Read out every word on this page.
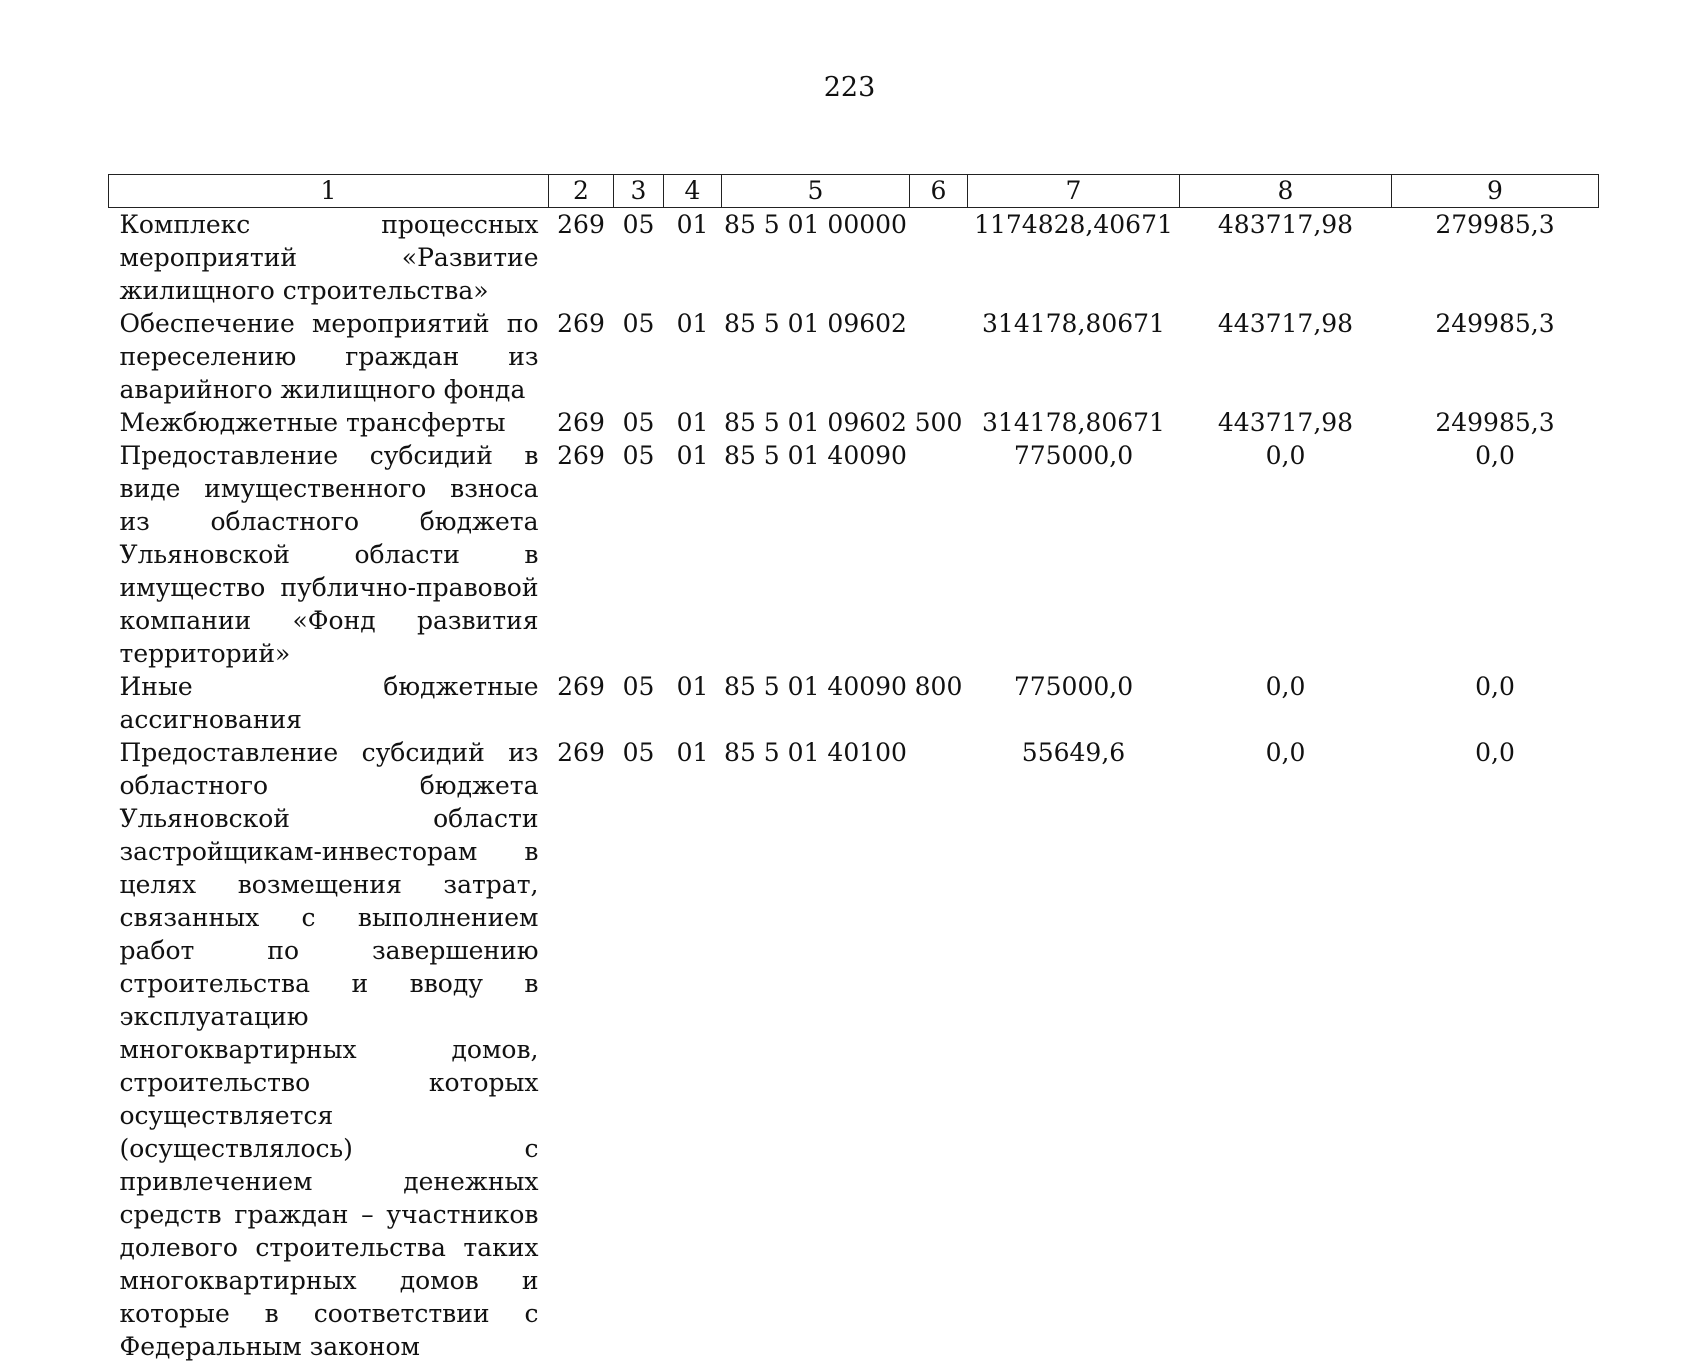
223
1	2	3	4	5	6	7	8	9
Комплекс процессных мероприятий «Развитие жилищного строительства»	269	05	01	85 5 01 00000		1174828,40671	483717,98	279985,3
Обеспечение мероприятий по переселению граждан из аварийного жилищного фонда	269	05	01	85 5 01 09602		314178,80671	443717,98	249985,3
Межбюджетные трансферты	269	05	01	85 5 01 09602	500	314178,80671	443717,98	249985,3
Предоставление субсидий в виде имущественного взноса из областного бюджета Ульяновской области в имущество публично-правовой компании «Фонд развития территорий»	269	05	01	85 5 01 40090		775000,0	0,0	0,0
Иные бюджетные ассигнования	269	05	01	85 5 01 40090	800	775000,0	0,0	0,0
Предоставление субсидий из областного бюджета Ульяновской области застройщикам-инвесторам в целях возмещения затрат, связанных с выполнением работ по завершению строительства и вводу в эксплуатацию многоквартирных домов, строительство которых осуществляется (осуществлялось) с привлечением денежных средств граждан – участников долевого строительства таких многоквартирных домов и которые в соответствии с Федеральным законом	269	05	01	85 5 01 40100		55649,6	0,0	0,0
